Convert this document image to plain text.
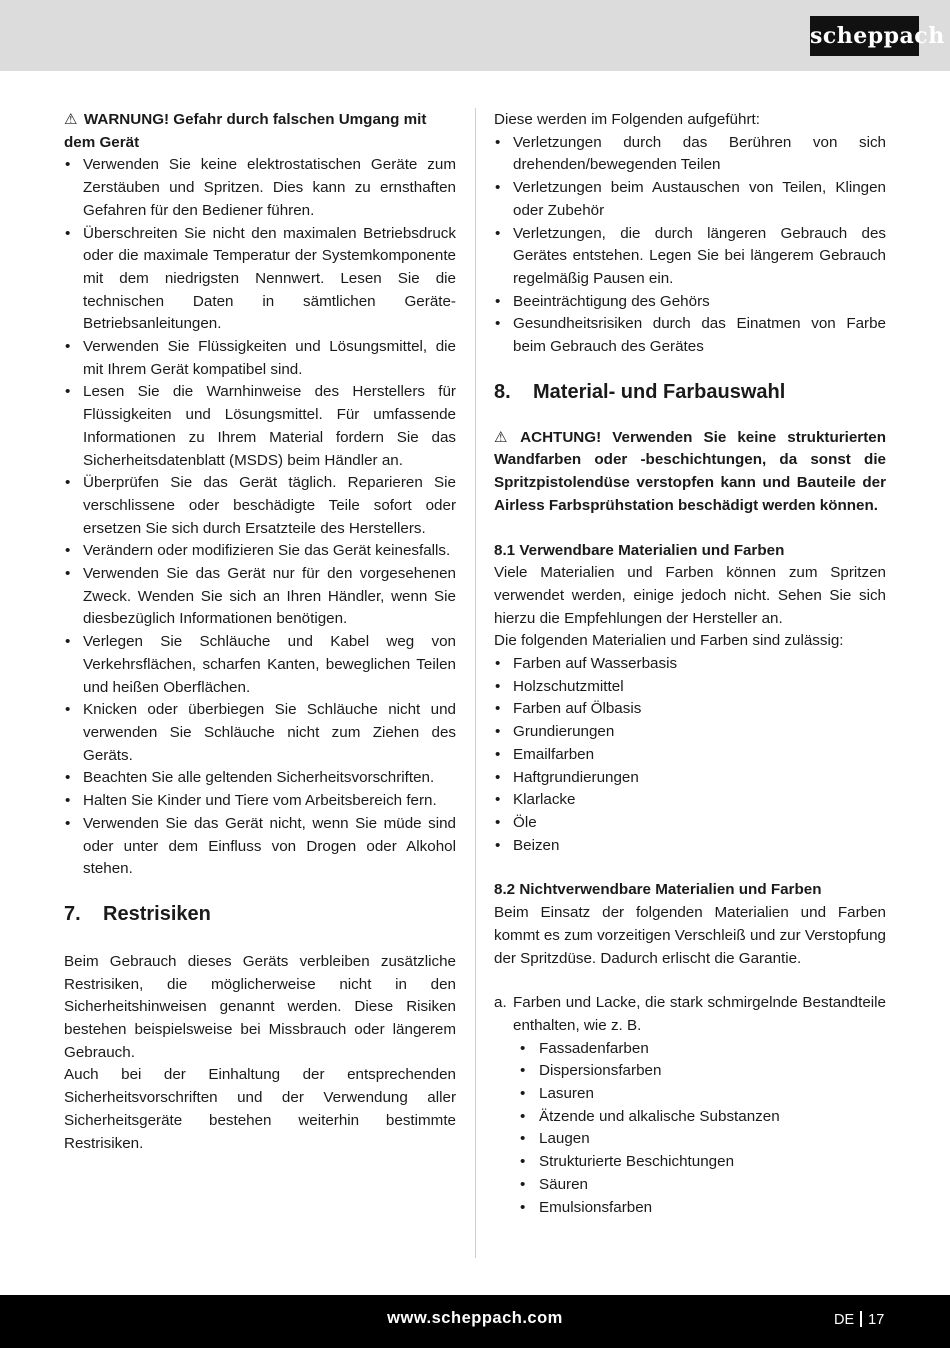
scheppach

⚠ WARNUNG! Gefahr durch falschen Umgang mit dem Gerät

• Verwenden Sie keine elektrostatischen Geräte zum Zerstäuben und Spritzen. Dies kann zu ernsthaften Gefahren für den Bediener führen.
• Überschreiten Sie nicht den maximalen Betriebsdruck oder die maximale Temperatur der Systemkomponente mit dem niedrigsten Nennwert. Lesen Sie die technischen Daten in sämtlichen Geräte-Betriebsanleitungen.
• Verwenden Sie Flüssigkeiten und Lösungsmittel, die mit Ihrem Gerät kompatibel sind.
• Lesen Sie die Warnhinweise des Herstellers für Flüssigkeiten und Lösungsmittel. Für umfassende Informationen zu Ihrem Material fordern Sie das Sicherheitsdatenblatt (MSDS) beim Händler an.
• Überprüfen Sie das Gerät täglich. Reparieren Sie verschlissene oder beschädigte Teile sofort oder ersetzen Sie sich durch Ersatzteile des Herstellers.
• Verändern oder modifizieren Sie das Gerät keinesfalls.
• Verwenden Sie das Gerät nur für den vorgesehenen Zweck. Wenden Sie sich an Ihren Händler, wenn Sie diesbezüglich Informationen benötigen.
• Verlegen Sie Schläuche und Kabel weg von Verkehrsflächen, scharfen Kanten, beweglichen Teilen und heißen Oberflächen.
• Knicken oder überbiegen Sie Schläuche nicht und verwenden Sie Schläuche nicht zum Ziehen des Geräts.
• Beachten Sie alle geltenden Sicherheitsvorschriften.
• Halten Sie Kinder und Tiere vom Arbeitsbereich fern.
• Verwenden Sie das Gerät nicht, wenn Sie müde sind oder unter dem Einfluss von Drogen oder Alkohol stehen.
7. Restrisiken

Beim Gebrauch dieses Geräts verbleiben zusätzliche Restrisiken, die möglicherweise nicht in den Sicherheitshinweisen genannt werden. Diese Risiken bestehen beispielsweise bei Missbrauch oder längerem Gebrauch.

Auch bei der Einhaltung der entsprechenden Sicherheitsvorschriften und der Verwendung aller Sicherheitsgeräte bestehen weiterhin bestimmte Restrisiken.

Diese werden im Folgenden aufgeführt:

• Verletzungen durch das Berühren von sich drehenden/bewegenden Teilen
• Verletzungen beim Austauschen von Teilen, Klingen oder Zubehör
• Verletzungen, die durch längeren Gebrauch des Gerätes entstehen. Legen Sie bei längerem Gebrauch regelmäßig Pausen ein.
• Beeinträchtigung des Gehörs
• Gesundheitsrisiken durch das Einatmen von Farbe beim Gebrauch des Gerätes
8. Material- und Farbauswahl

⚠ ACHTUNG! Verwenden Sie keine strukturierten Wandfarben oder -beschichtungen, da sonst die Spritzpistolendüse verstopfen kann und Bauteile der Airless Farbsprühstation beschädigt werden können.

8.1 Verwendbare Materialien und Farben

Viele Materialien und Farben können zum Spritzen verwendet werden, einige jedoch nicht. Sehen Sie sich hierzu die Empfehlungen der Hersteller an.

Die folgenden Materialien und Farben sind zulässig:

• Farben auf Wasserbasis
• Holzschutzmittel
• Farben auf Ölbasis
• Grundierungen
• Emailfarben
• Haftgrundierungen
• Klarlacke
• Öle
• Beizen

8.2 Nichtverwendbare Materialien und Farben

Beim Einsatz der folgenden Materialien und Farben kommt es zum vorzeitigen Verschleiß und zur Verstopfung der Spritzdüse. Dadurch erlischt die Garantie.

a. Farben und Lacke, die stark schmirgelnde Bestandteile enthalten, wie z. B.
• Fassadenfarben
• Dispersionsfarben
• Lasuren
• Ätzende und alkalische Substanzen
• Laugen
• Strukturierte Beschichtungen
• Säuren
• Emulsionsfarben
www.scheppach.com	DE 17
